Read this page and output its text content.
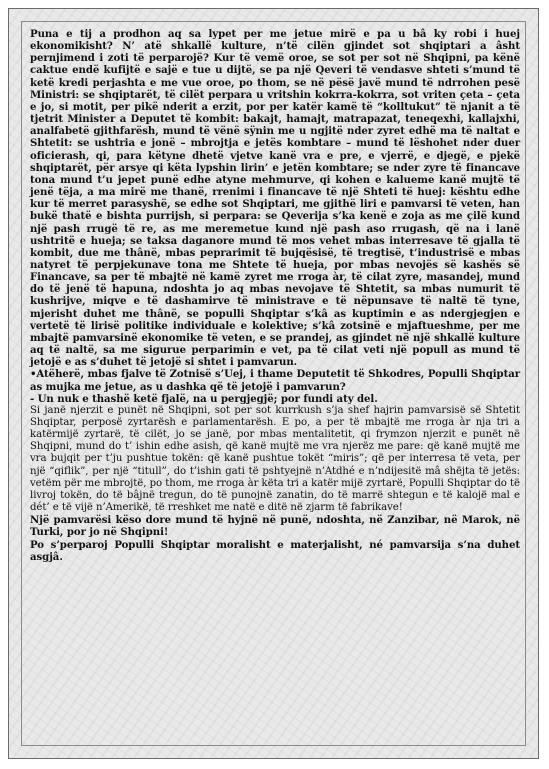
Puna e tij a prodhon aq sa lypet per me jetue mirë e pa u bâ ky robi i huej ekonomikisht? N’ atë shkallë kulture, n’të cilën gjindet sot shqiptari a âsht pernjimend i zoti të perparojë? Kur të vemë oroe, se sot per sot në Shqipni, pa kënë caktue endë kufijtë e sajë e tue u dijtë, se pa një Qeveri të vendasve shteti s’mund të ketë kredi perjashta e me vue oroe, po thom, se në pësë javë mund të ndrrohen pesë Ministri: se shqiptarët, të cilët perpara u vritshin kokrra-kokrra, sot vriten çeta – çeta e jo, si motit, per pikë nderit a erzit, por per katër kamë të “kolltukut” të njanit a të tjetrit Minister a Deputet të kombit: bakajt, hamajt, matrapazat, teneqexhi, kallajxhi, analfabetë gjithfarësh, mund të vënë sÿnin me u ngjitë nder zyret edhë ma të naltat e Shtetit: se ushtria e jonë – mbrojtja e jetës kombtare – mund të lëshohet nder duer oficierash, qi, para këtyne dhetë vjetve kanë vra e pre, e vjerrë, e djegë, e pjekë shqiptarët, për arsye qi këta lypshin lirin’ e jetën kombtare; se nder zyre të financave tona mund t’u jepet punë edhe atyne mehmurve, qi kohen e kalueme kanë mujtë të jenë tëja, a ma mirë me thanë, rrenimi i financave të një Shteti të huej: kështu edhe kur të merret parasyshë, se edhe sot Shqiptari, me gjithë liri e pamvarsi të veten, han bukë thatë e bishta purrijsh, si perpara: se Qeverija s’ka kenë e zoja as me çilë kund një pash rrugë të re, as me meremetue kund një pash aso rrugash, që na i lanë ushtritë e hueja; se taksa daganore mund të mos vehet mbas interresave të gjalla të kombit, due me thânë, mbas peprarimit të bujqësisë, të tregtisë, t’industrisë e mbas natyret të perpjekunave tona me Shtete të hueja, por mbas nevojës së kashës së Financave, sa per të mbajtë në kamë zyret me rroga àr, të cilat zyre, masandej, mund do të jenë të hapuna, ndoshta jo aq mbas nevojave të Shtetit, sa mbas numurit të kushrijve, miqve e të dashamirve të ministrave e të nëpunsave të naltë të tyne, mjerisht duhet me thânë, se populli Shqiptar s’kâ as kuptimin e as ndergjegjen e vertetë të lirisë politike individuale e kolektive; s’kâ zotsinë e mjaftueshme, per me mbajtë pamvarsinë ekonomike të veten, e se prandej, as gjindet në një shkallë kulture aq të naltë, sa me sigurue perparimin e vet, pa të cilat veti një popull as mund të jetojë e as s’duhet të jetojë si shtet i pamvarun.

•Atëherë, mbas fjalve të Zotnisë s’Uej, i thame Deputetit të Shkodres, Populli Shqiptar as mujka me jetue, as u dashka që të jetojë i pamvarun?

- Un nuk e thashë ketë fjalë, na u pergjegjë; por fundi aty del.

Si janë njerzit e punët në Shqipni, sot per sot kurrkush s’ja shef hajrin pamvarsisë së Shtetit Shqiptar, perposë zyrtarësh e parlamentarësh. E po, a per të mbajtë me rroga àr nja tri a katërmijë zyrtarë, të cilët, jo se janë, por mbas mentalitetit, qi frymzon njerzit e punët në Shqipni, mund do t’ ishin edhe asish, që kanë mujtë me vra njerëz me pare: që kanë mujtë me vra bujqit per t’ju pushtue tokën: që kanë pushtue tokët “miris”; që per interresa të veta, per një “qiflik”, per një “titull”, do t’ishin gati të pshtyejnë n’Atdhé e n’ndijesitë mâ shëjta të jetës: vetëm për me mbrojtë, po thom, me rroga àr këta tri a katër mijë zyrtarë, Populli Shqiptar do të livroj tokën, do të bâjnë tregun, do të punojnë zanatin, do të marrë shtegun e të kalojë mal e dét’ e të vijë n’Amerikë, të rreshket me natë e ditë në zjarm të fabrikave!

Një pamvarësi këso dore mund të hyjnë në punë, ndoshta, në Zanzibar, në Marok, në Turki, por jo në Shqipni!

Po s’perparoj Populli Shqiptar moralisht e materjalisht, né pamvarsija s’na duhet asgjâ.
